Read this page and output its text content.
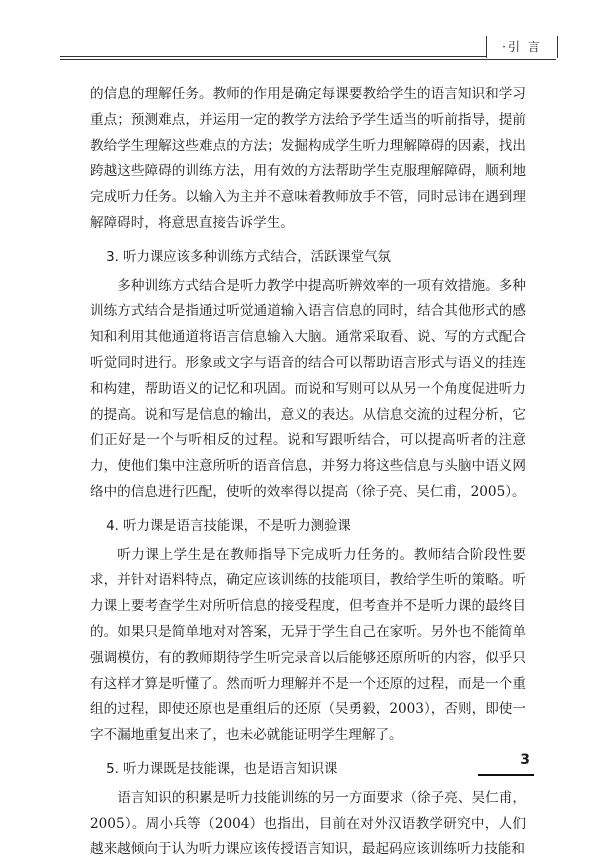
·引 言

的信息的理解任务。教师的作用是确定每课要教给学生的语言知识和学习重点；预测难点，并运用一定的教学方法给予学生适当的听前指导，提前教给学生理解这些难点的方法；发掘构成学生听力理解障碍的因素，找出跨越这些障碍的训练方法，用有效的方法帮助学生克服理解障碍，顺利地完成听力任务。以输入为主并不意味着教师放手不管，同时忌讳在遇到理解障碍时，将意思直接告诉学生。

3. 听力课应该多种训练方式结合，活跃课堂气氛

多种训练方式结合是听力教学中提高听辨效率的一项有效措施。多种训练方式结合是指通过听觉通道输入语言信息的同时，结合其他形式的感知和利用其他通道将语言信息输入大脑。通常采取看、说、写的方式配合听觉同时进行。形象或文字与语音的结合可以帮助语言形式与语义的挂连和构建，帮助语义的记忆和巩固。而说和写则可以从另一个角度促进听力的提高。说和写是信息的输出，意义的表达。从信息交流的过程分析，它们正好是一个与听相反的过程。说和写跟听结合，可以提高听者的注意力，使他们集中注意所听的语音信息，并努力将这些信息与头脑中语义网络中的信息进行匹配，使听的效率得以提高（徐子亮、吴仁甫，2005）。

4. 听力课是语言技能课，不是听力测验课

听力课上学生是在教师指导下完成听力任务的。教师结合阶段性要求，并针对语料特点，确定应该训练的技能项目，教给学生听的策略。听力课上要考查学生对所听信息的接受程度，但考查并不是听力课的最终目的。如果只是简单地对对答案，无异于学生自己在家听。另外也不能简单强调模仿，有的教师期待学生听完录音以后能够还原所听的内容，似乎只有这样才算是听懂了。然而听力理解并不是一个还原的过程，而是一个重组的过程，即使还原也是重组后的还原（吴勇毅，2003），否则，即使一字不漏地重复出来了，也未必就能证明学生理解了。

5. 听力课既是技能课，也是语言知识课

语言知识的积累是听力技能训练的另一方面要求（徐子亮、吴仁甫，2005）。周小兵等（2004）也指出，目前在对外汉语教学研究中，人们越来越倾向于认为听力课应该传授语言知识，最起码应该训练听力技能和

3
